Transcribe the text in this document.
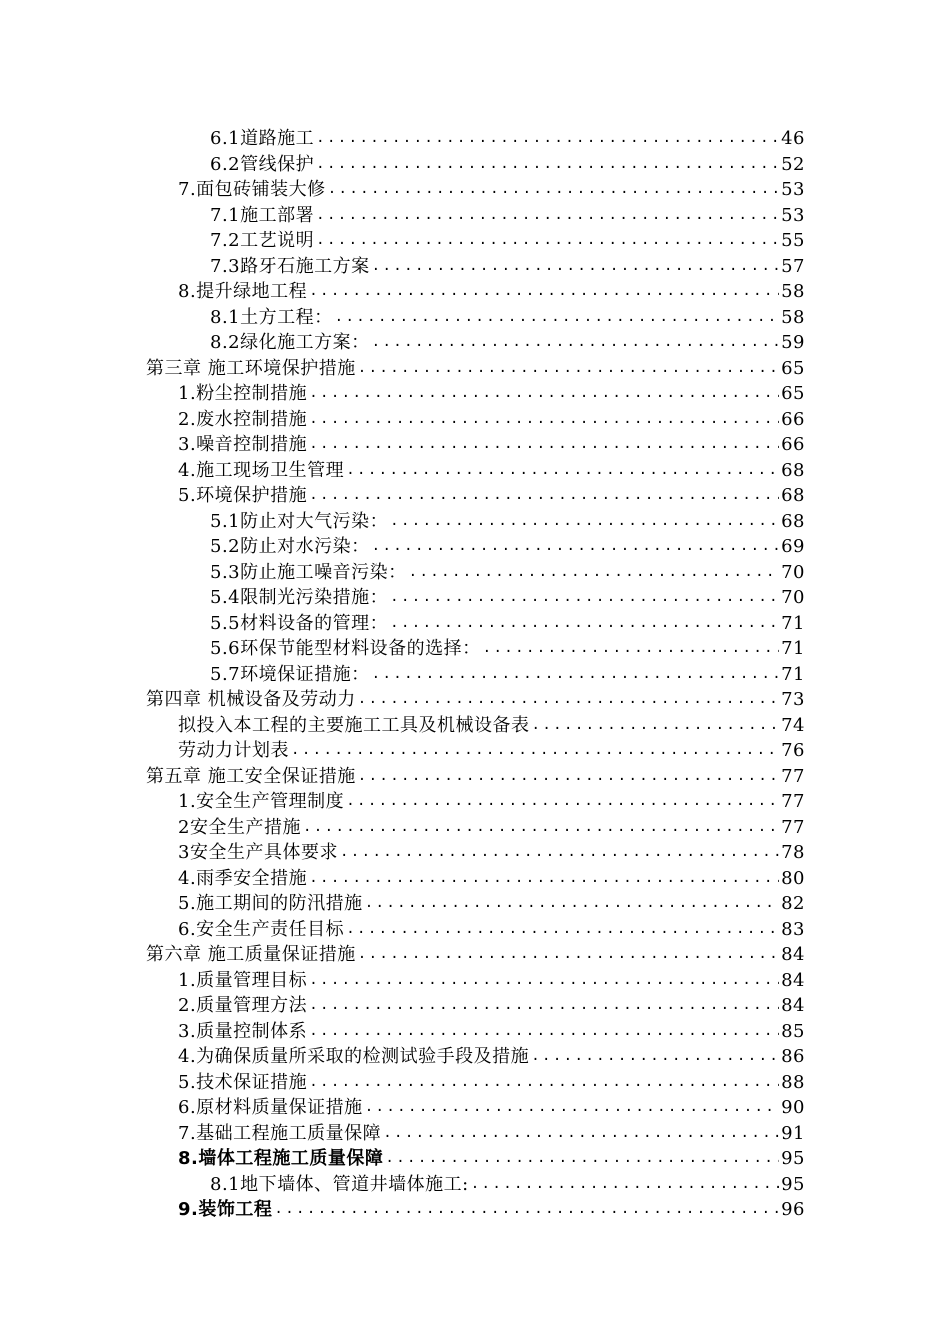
6.1道路施工 .....	46
6.2管线保护 .....	52
7.面包砖铺装大修 .....	53
7.1施工部署 .....	53
7.2工艺说明 .....	55
7.3路牙石施工方案 .....	57
8.提升绿地工程 .....	58
8.1土方工程： .....	58
8.2绿化施工方案： .....	59
第三章 施工环境保护措施 .....	65
1.粉尘控制措施 .....	65
2.废水控制措施 .....	66
3.噪音控制措施 .....	66
4.施工现场卫生管理 .....	68
5.环境保护措施 .....	68
5.1防止对大气污染： .....	68
5.2防止对水污染： .....	69
5.3防止施工噪音污染： .....	70
5.4限制光污染措施： .....	70
5.5材料设备的管理： .....	71
5.6环保节能型材料设备的选择： .....	71
5.7环境保证措施： .....	71
第四章 机械设备及劳动力 .....	73
拟投入本工程的主要施工工具及机械设备表 .....	74
劳动力计划表 .....	76
第五章 施工安全保证措施 .....	77
1.安全生产管理制度 .....	77
2安全生产措施 .....	77
3安全生产具体要求 .....	78
4.雨季安全措施 .....	80
5.施工期间的防汛措施 .....	82
6.安全生产责任目标 .....	83
第六章 施工质量保证措施 .....	84
1.质量管理目标 .....	84
2.质量管理方法 .....	84
3.质量控制体系 .....	85
4.为确保质量所采取的检测试验手段及措施 .....	86
5.技术保证措施 .....	88
6.原材料质量保证措施 .....	90
7.基础工程施工质量保障 .....	91
8.墙体工程施工质量保障 .....	95
8.1地下墙体、管道井墙体施工: .....	95
9.装饰工程 .....	96
